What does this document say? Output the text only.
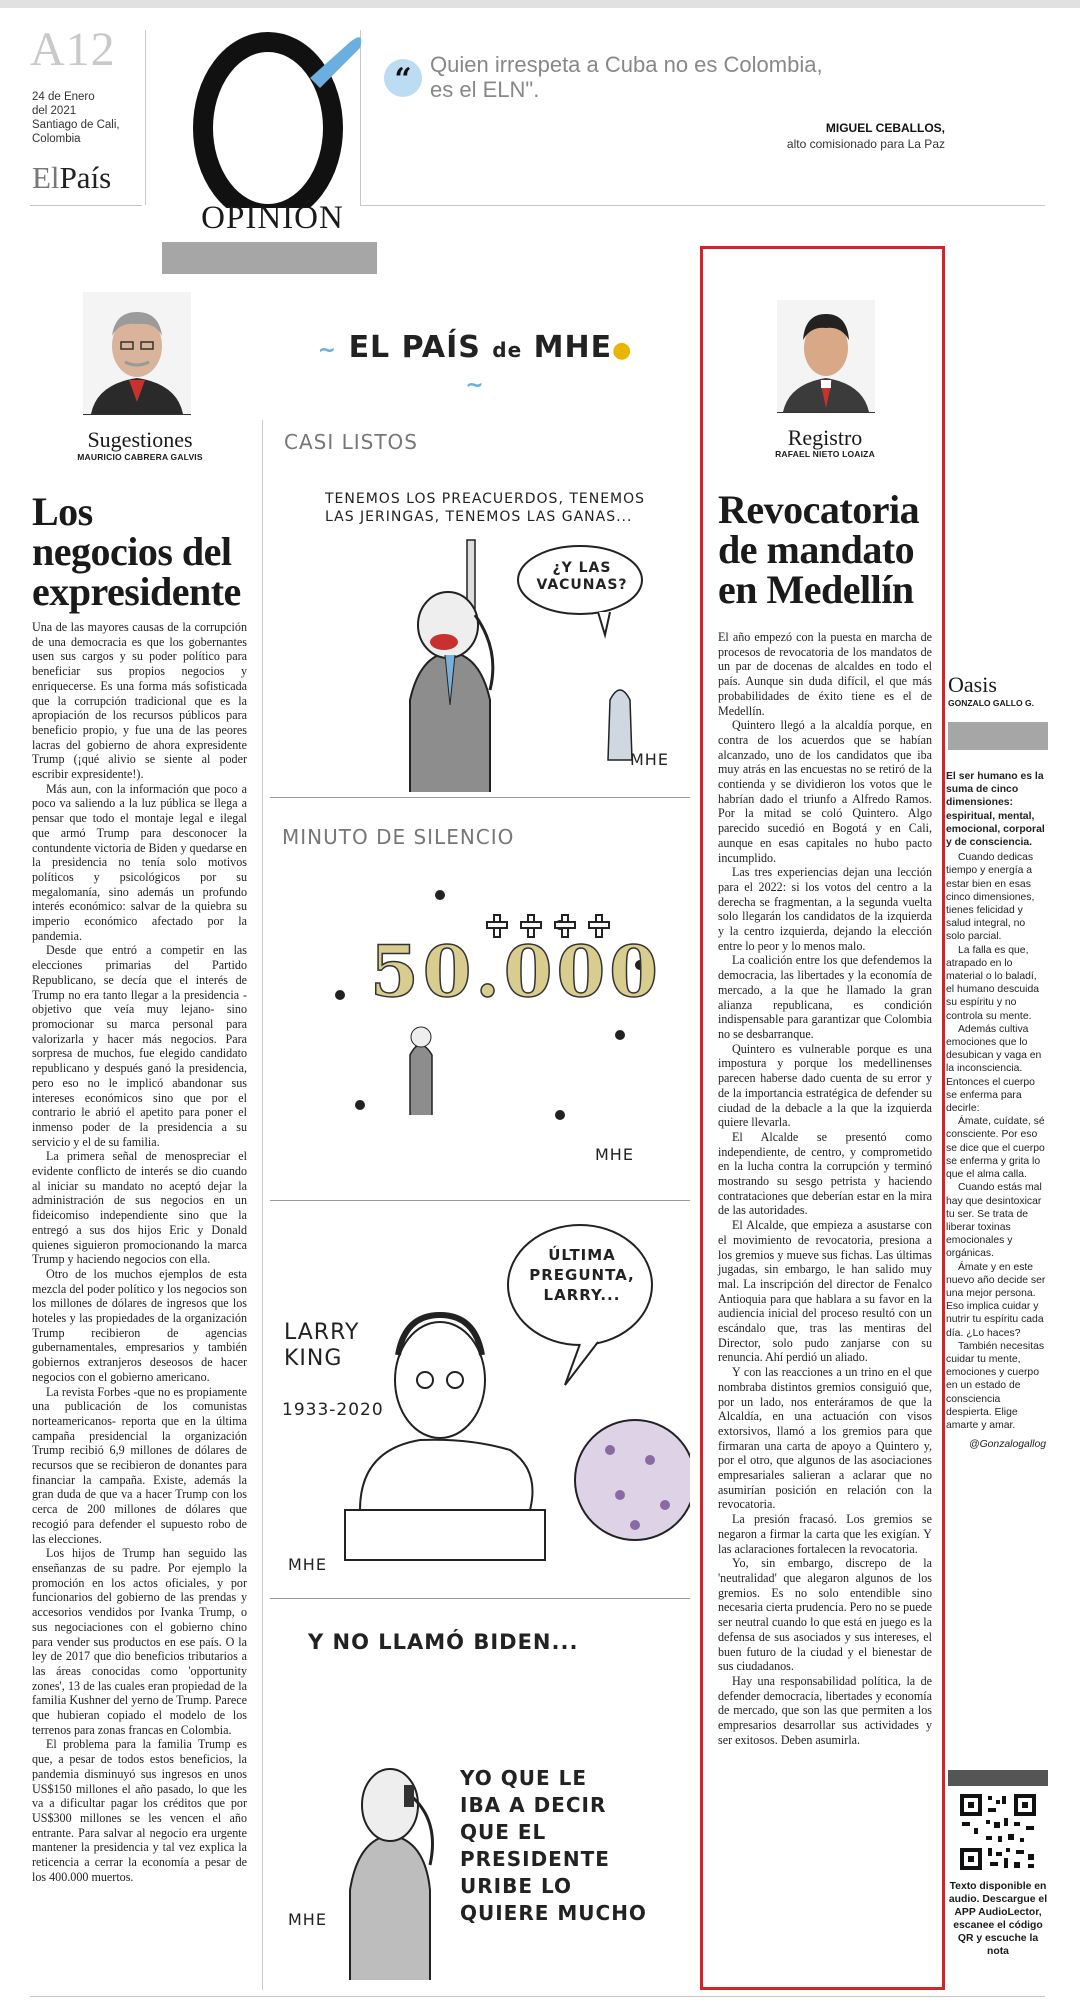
A12
24 de Enero
del 2021
Santiago de Cali,
Colombia
ElPaís
OPINIÓN
“ Quien irrespeta a Cuba no es Colombia,
es el ELN".
MIGUEL CEBALLOS,
alto comisionado para La Paz
Sugestiones
MAURICIO CABRERA GALVIS
Los
negocios del
expresidente

Una de las mayores causas de la corrupción de una democracia es que los gobernantes usen sus cargos y su poder político para beneficiar sus propios negocios y enriquecerse. Es una forma más sofisticada que la corrupción tradicional que es la apropiación de los recursos públicos para beneficio propio, y fue una de las peores lacras del gobierno de ahora expresidente Trump (¡qué alivio se siente al poder escribir expresidente!).

Más aun, con la información que poco a poco va saliendo a la luz pública se llega a pensar que todo el montaje legal e ilegal que armó Trump para desconocer la contundente victoria de Biden y quedarse en la presidencia no tenía solo motivos políticos y psicológicos por su megalomanía, sino además un profundo interés económico: salvar de la quiebra su imperio económico afectado por la pandemia.

Desde que entró a competir en las elecciones primarias del Partido Republicano, se decía que el interés de Trump no era tanto llegar a la presidencia -objetivo que veía muy lejano- sino promocionar su marca personal para valorizarla y hacer más negocios. Para sorpresa de muchos, fue elegido candidato republicano y después ganó la presidencia, pero eso no le implicó abandonar sus intereses económicos sino que por el contrario le abrió el apetito para poner el inmenso poder de la presidencia a su servicio y el de su familia.

La primera señal de menospreciar el evidente conflicto de interés se dio cuando al iniciar su mandato no aceptó dejar la administración de sus negocios en un fideicomiso independiente sino que la entregó a sus dos hijos Eric y Donald quienes siguieron promocionando la marca Trump y haciendo negocios con ella.

Otro de los muchos ejemplos de esta mezcla del poder político y los negocios son los millones de dólares de ingresos que los hoteles y las propiedades de la organización Trump recibieron de agencias gubernamentales, empresarios y también gobiernos extranjeros deseosos de hacer negocios con el gobierno americano.

La revista Forbes -que no es propiamente una publicación de los comunistas norteamericanos- reporta que en la última campaña presidencial la organización Trump recibió 6,9 millones de dólares de recursos que se recibieron de donantes para financiar la campaña. Existe, además la gran duda de que va a hacer Trump con los cerca de 200 millones de dólares que recogió para defender el supuesto robo de las elecciones.

Los hijos de Trump han seguido las enseñanzas de su padre. Por ejemplo la promoción en los actos oficiales, y por funcionarios del gobierno de las prendas y accesorios vendidos por Ivanka Trump, o sus negociaciones con el gobierno chino para vender sus productos en ese país. O la ley de 2017 que dio beneficios tributarios a las áreas conocidas como 'opportunity zones', 13 de las cuales eran propiedad de la familia Kushner del yerno de Trump. Parece que hubieran copiado el modelo de los terrenos para zonas francas en Colombia.

El problema para la familia Trump es que, a pesar de todos estos beneficios, la pandemia disminuyó sus ingresos en unos US$150 millones el año pasado, lo que les va a dificultar pagar los créditos que por US$300 millones se les vencen el año entrante. Para salvar al negocio era urgente mantener la presidencia y tal vez explica la reticencia a cerrar la economía a pesar de los 400.000 muertos.

~ EL PAÍS de MHE● ~
CASI LISTOS
TENEMOS LOS PREACUERDOS, TENEMOS
LAS JERINGAS, TENEMOS LAS GANAS...
¿Y LAS
VACUNAS?
MHE
MINUTO DE SILENCIO
50.000
MHE
LARRY
KING
1933-2020
ÚLTIMA
PREGUNTA,
LARRY...
MHE
Y NO LLAMÓ BIDEN...
YO QUE LE
IBA A DECIR
QUE EL PRESIDENTE
URIBE LO
QUIERE MUCHO
MHE
Registro
RAFAEL NIETO LOAIZA
Revocatoria
de mandato
en Medellín

El año empezó con la puesta en marcha de procesos de revocatoria de los mandatos de un par de docenas de alcaldes en todo el país. Aunque sin duda difícil, el que más probabilidades de éxito tiene es el de Medellín.

Quintero llegó a la alcaldía porque, en contra de los acuerdos que se habían alcanzado, uno de los candidatos que iba muy atrás en las encuestas no se retiró de la contienda y se dividieron los votos que le habrían dado el triunfo a Alfredo Ramos. Por la mitad se coló Quintero. Algo parecido sucedió en Bogotá y en Cali, aunque en esas capitales no hubo pacto incumplido.

Las tres experiencias dejan una lección para el 2022: si los votos del centro a la derecha se fragmentan, a la segunda vuelta solo llegarán los candidatos de la izquierda y la centro izquierda, dejando la elección entre lo peor y lo menos malo.

La coalición entre los que defendemos la democracia, las libertades y la economía de mercado, a la que he llamado la gran alianza republicana, es condición indispensable para garantizar que Colombia no se desbarranque.

Quintero es vulnerable porque es una impostura y porque los medellinenses parecen haberse dado cuenta de su error y de la importancia estratégica de defender su ciudad de la debacle a la que la izquierda quiere llevarla.

El Alcalde se presentó como independiente, de centro, y comprometido en la lucha contra la corrupción y terminó mostrando su sesgo petrista y haciendo contrataciones que deberían estar en la mira de las autoridades.

El Alcalde, que empieza a asustarse con el movimiento de revocatoria, presiona a los gremios y mueve sus fichas. Las últimas jugadas, sin embargo, le han salido muy mal. La inscripción del director de Fenalco Antioquia para que hablara a su favor en la audiencia inicial del proceso resultó con un escándalo que, tras las mentiras del Director, solo pudo zanjarse con su renuncia. Ahí perdió un aliado.

Y con las reacciones a un trino en el que nombraba distintos gremios consiguió que, por un lado, nos enteráramos de que la Alcaldía, en una actuación con visos extorsivos, llamó a los gremios para que firmaran una carta de apoyo a Quintero y, por el otro, que algunos de las asociaciones empresariales salieran a aclarar que no asumirían posición en relación con la revocatoria.

La presión fracasó. Los gremios se negaron a firmar la carta que les exigían. Y las aclaraciones fortalecen la revocatoria.

Yo, sin embargo, discrepo de la 'neutralidad' que alegaron algunos de los gremios. Es no solo entendible sino necesaria cierta prudencia. Pero no se puede ser neutral cuando lo que está en juego es la defensa de sus asociados y sus intereses, el buen futuro de la ciudad y el bienestar de sus ciudadanos.

Hay una responsabilidad política, la de defender democracia, libertades y economía de mercado, que son las que permiten a los empresarios desarrollar sus actividades y ser exitosos. Deben asumirla.

Oasis
GONZALO GALLO G.
El ser humano es la suma de cinco dimensiones: espiritual, mental, emocional, corporal y de consciencia.

Cuando dedicas tiempo y energía a estar bien en esas cinco dimensiones, tienes felicidad y salud integral, no solo parcial.

La falla es que, atrapado en lo material o lo baladí, el humano descuida su espíritu y no controla su mente.

Además cultiva emociones que lo desubican y vaga en la inconsciencia. Entonces el cuerpo se enferma para decirle:

Ámate, cuídate, sé consciente. Por eso se dice que el cuerpo se enferma y grita lo que el alma calla.

Cuando estás mal hay que desintoxicar tu ser. Se trata de liberar toxinas emocionales y orgánicas.

Ámate y en este nuevo año decide ser una mejor persona. Eso implica cuidar y nutrir tu espíritu cada día. ¿Lo haces?

También necesitas cuidar tu mente, emociones y cuerpo en un estado de consciencia despierta. Elige amarte y amar.

@Gonzalogallog
Texto disponible en audio. Descargue el APP AudioLector, escanee el código QR y escuche la nota
